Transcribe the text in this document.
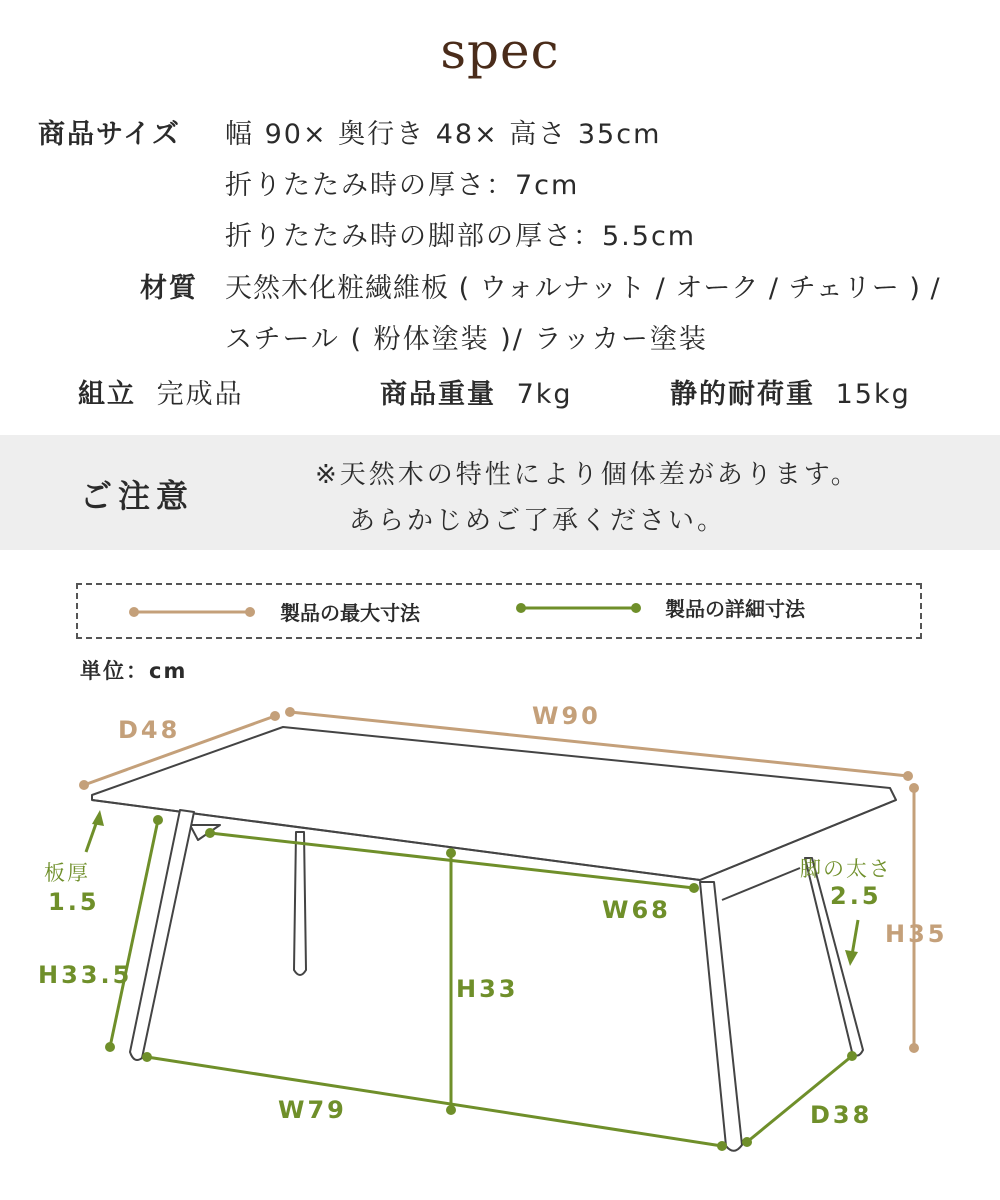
spec
商品サイズ 幅 90× 奥行き 48× 高さ 35cm
折りたたみ時の厚さ：7cm
折りたたみ時の脚部の厚さ：5.5cm
材質 天然木化粧繊維板 ( ウォルナット / オーク / チェリー ) /
スチール ( 粉体塗装 )/ ラッカー塗装
組立 完成品	商品重量 7kg	静的耐荷重 15kg
ご注意
※天然木の特性により個体差があります。
あらかじめご了承ください。
D48	W90
H35
板厚
1.5
脚の太さ
2.5
W68
H33.5	H33
W79	D38
製品の最大寸法	製品の詳細寸法
単位：cm
